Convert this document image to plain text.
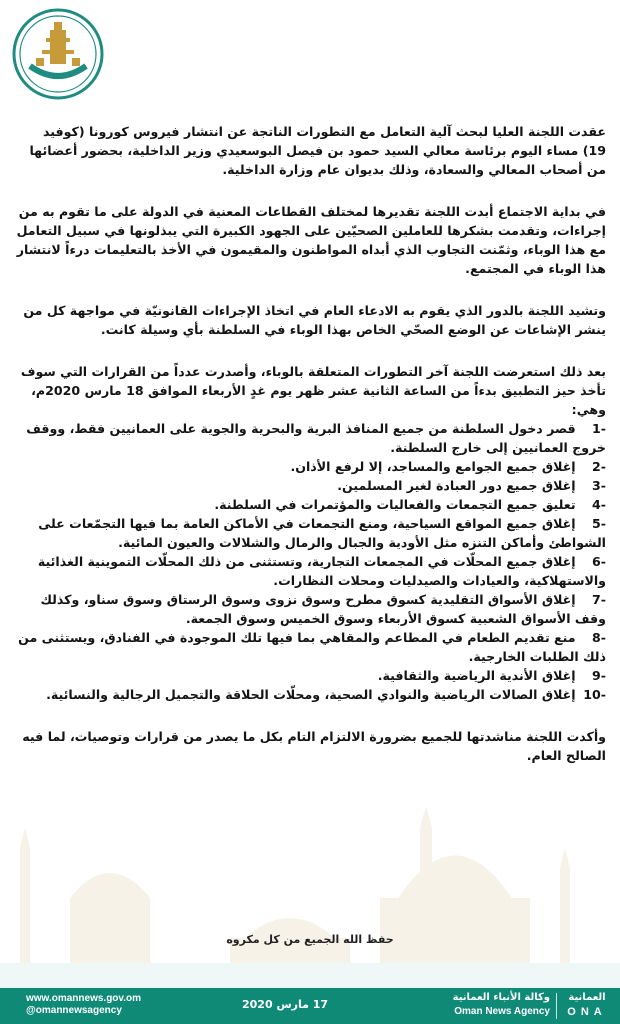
عقدت اللجنة العليا لبحث آلية التعامل مع التطورات الناتجة عن انتشار فيروس كورونا (كوفيد 19) مساء اليوم برئاسة معالي السيد حمود بن فيصل البوسعيدي وزير الداخلية، بحضور أعضائها من أصحاب المعالي والسعادة، وذلك بديوان عام وزارة الداخلية.

في بداية الاجتماع أبدت اللجنة تقديرها لمختلف القطاعات المعنية في الدولة على ما تقوم به من إجراءات، وتقدمت بشكرها للعاملين الصحيّين على الجهود الكبيرة التي يبذلونها في سبيل التعامل مع هذا الوباء، وثمّنت التجاوب الذي أبداه المواطنون والمقيمون في الأخذ بالتعليمات درءاً لانتشار هذا الوباء في المجتمع.

وتشيد اللجنة بالدور الذي يقوم به الادعاء العام في اتخاذ الإجراءات القانونيّة في مواجهة كل من ينشر الإشاعات عن الوضع الصحّي الخاص بهذا الوباء في السلطنة بأي وسيلة كانت.

بعد ذلك استعرضت اللجنة آخر التطورات المتعلقة بالوباء، وأصدرت عدداً من القرارات التي سوف تأخذ حيز التطبيق بدءاً من الساعة الثانية عشر ظهر يوم غدٍ الأربعاء الموافق 18 مارس 2020م، وهي:

-1 قصر دخول السلطنة من جميع المنافذ البرية والبحرية والجوية على العمانيين فقط، ووقف خروج العمانيين إلى خارج السلطنة.
-2 إغلاق جميع الجوامع والمساجد، إلا لرفع الأذان.
-3 إغلاق جميع دور العبادة لغير المسلمين.
-4 تعليق جميع التجمعات والفعاليات والمؤتمرات في السلطنة.
-5 إغلاق جميع المواقع السياحية، ومنع التجمعات في الأماكن العامة بما فيها التجمّعات على الشواطئ وأماكن التنزه مثل الأودية والجبال والرمال والشلالات والعيون المائية.
-6 إغلاق جميع المحلّات في المجمعات التجارية، وتستثنى من ذلك المحلّات التموينية الغذائية والاستهلاكية، والعيادات والصيدليات ومحلات النظارات.
-7 إغلاق الأسواق التقليدية كسوق مطرح وسوق نزوى وسوق الرستاق وسوق سناو، وكذلك وقف الأسواق الشعبية كسوق الأربعاء وسوق الخميس وسوق الجمعة.
-8 منع تقديم الطعام في المطاعم والمقاهي بما فيها تلك الموجودة في الفنادق، ويستثنى من ذلك الطلبات الخارجية.
-9 إغلاق الأندية الرياضية والثقافية.
-10 إغلاق الصالات الرياضية والنوادي الصحية، ومحلّات الحلاقة والتجميل الرجالية والنسائية.

وأكدت اللجنة مناشدتها للجميع بضرورة الالتزام التام بكل ما يصدر من قرارات وتوصيات، لما فيه الصالح العام.

حفظ الله الجميع من كل مكروه
www.omannews.gov.om
@omannewsagency	17 مارس 2020
وكالة الأنباء العمانية
Oman News Agency
العمانية
ONA
